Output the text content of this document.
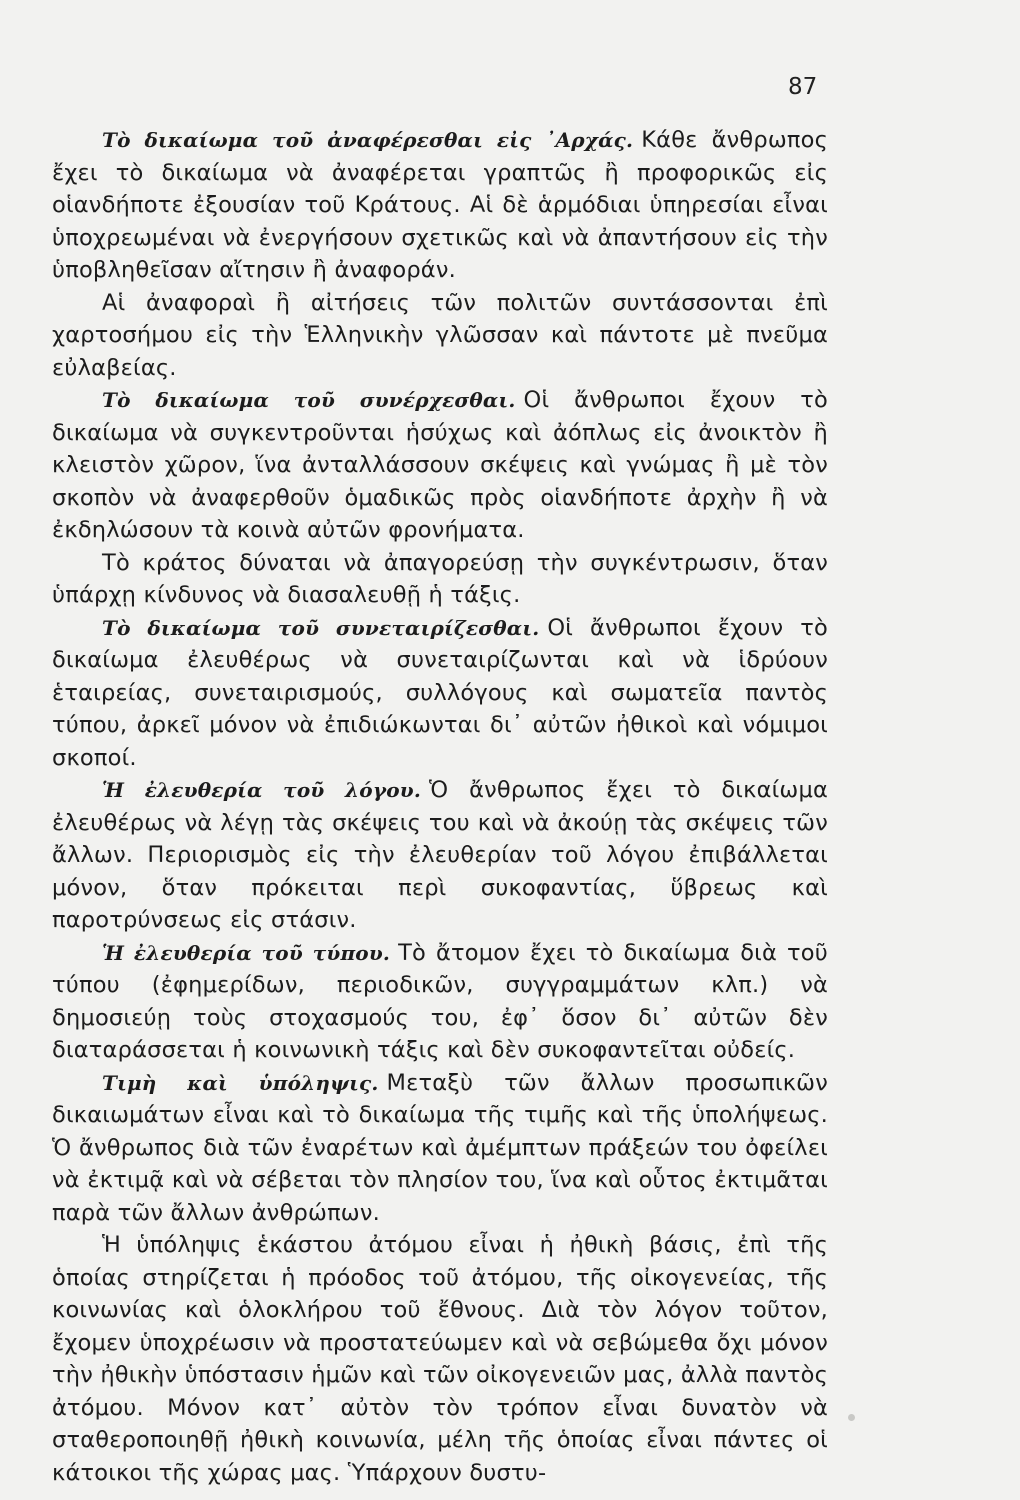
87

Τὸ δικαίωμα τοῦ ἀναφέρεσθαι εἰς ᾿Αρχάς. Κάθε ἄνθρωπος ἔχει τὸ δικαίωμα νὰ ἀναφέρεται γραπτῶς ἢ προφορικῶς εἰς οἱανδήποτε ἐξουσίαν τοῦ Κράτους. Αἱ δὲ ἁρμόδιαι ὑπηρεσίαι εἶναι ὑποχρεωμέναι νὰ ἐνεργήσουν σχετικῶς καὶ νὰ ἀπαντήσουν εἰς τὴν ὑποβληθεῖσαν αἴτησιν ἢ ἀναφοράν.

Αἱ ἀναφοραὶ ἢ αἰτήσεις τῶν πολιτῶν συντάσσονται ἐπὶ χαρτοσήμου εἰς τὴν Ἑλληνικὴν γλῶσσαν καὶ πάντοτε μὲ πνεῦμα εὐλαβείας.

Τὸ δικαίωμα τοῦ συνέρχεσθαι. Οἱ ἄνθρωποι ἔχουν τὸ δικαίωμα νὰ συγκεντροῦνται ἡσύχως καὶ ἀόπλως εἰς ἀνοικτὸν ἢ κλειστὸν χῶρον, ἵνα ἀνταλλάσσουν σκέψεις καὶ γνώμας ἢ μὲ τὸν σκοπὸν νὰ ἀναφερθοῦν ὁμαδικῶς πρὸς οἱανδήποτε ἀρχὴν ἢ νὰ ἐκδηλώσουν τὰ κοινὰ αὐτῶν φρονήματα.

Τὸ κράτος δύναται νὰ ἀπαγορεύσῃ τὴν συγκέντρωσιν, ὅταν ὑπάρχῃ κίνδυνος νὰ διασαλευθῇ ἡ τάξις.

Τὸ δικαίωμα τοῦ συνεταιρίζεσθαι. Οἱ ἄνθρωποι ἔχουν τὸ δικαίωμα ἐλευθέρως νὰ συνεταιρίζωνται καὶ νὰ ἱδρύουν ἑταιρείας, συνεταιρισμούς, συλλόγους καὶ σωματεῖα παντὸς τύπου, ἀρκεῖ μόνον νὰ ἐπιδιώκωνται δι᾿ αὐτῶν ἠθικοὶ καὶ νόμιμοι σκοποί.

Ἡ ἐλευθερία τοῦ λόγου. Ὁ ἄνθρωπος ἔχει τὸ δικαίωμα ἐλευθέρως νὰ λέγῃ τὰς σκέψεις του καὶ νὰ ἀκούῃ τὰς σκέψεις τῶν ἄλλων. Περιορισμὸς εἰς τὴν ἐλευθερίαν τοῦ λόγου ἐπιβάλλεται μόνον, ὅταν πρόκειται περὶ συκοφαντίας, ὕβρεως καὶ παροτρύνσεως εἰς στάσιν.

Ἡ ἐλευθερία τοῦ τύπου. Τὸ ἄτομον ἔχει τὸ δικαίωμα διὰ τοῦ τύπου (ἐφημερίδων, περιοδικῶν, συγγραμμάτων κλπ.) νὰ δημοσιεύῃ τοὺς στοχασμούς του, ἐφ᾿ ὅσον δι᾿ αὐτῶν δὲν διαταράσσεται ἡ κοινωνικὴ τάξις καὶ δὲν συκοφαντεῖται οὐδείς.

Τιμὴ καὶ ὑπόληψις. Μεταξὺ τῶν ἄλλων προσωπικῶν δικαιωμάτων εἶναι καὶ τὸ δικαίωμα τῆς τιμῆς καὶ τῆς ὑπολήψεως. Ὁ ἄνθρωπος διὰ τῶν ἐναρέτων καὶ ἀμέμπτων πράξεών του ὀφείλει νὰ ἐκτιμᾷ καὶ νὰ σέβεται τὸν πλησίον του, ἵνα καὶ οὗτος ἐκτιμᾶται παρὰ τῶν ἄλλων ἀνθρώπων.

Ἡ ὑπόληψις ἑκάστου ἀτόμου εἶναι ἡ ἠθικὴ βάσις, ἐπὶ τῆς ὁποίας στηρίζεται ἡ πρόοδος τοῦ ἀτόμου, τῆς οἰκογενείας, τῆς κοινωνίας καὶ ὁλοκλήρου τοῦ ἔθνους. Διὰ τὸν λόγον τοῦτον, ἔχομεν ὑποχρέωσιν νὰ προστατεύωμεν καὶ νὰ σεβώμεθα ὄχι μόνον τὴν ἠθικὴν ὑπόστασιν ἡμῶν καὶ τῶν οἰκογενειῶν μας, ἀλλὰ παντὸς ἀτόμου. Μόνον κατ᾿ αὐτὸν τὸν τρόπον εἶναι δυνατὸν νὰ σταθεροποιηθῇ ἠθικὴ κοινωνία, μέλη τῆς ὁποίας εἶναι πάντες οἱ κάτοικοι τῆς χώρας μας. Ὑπάρχουν δυστυ-
